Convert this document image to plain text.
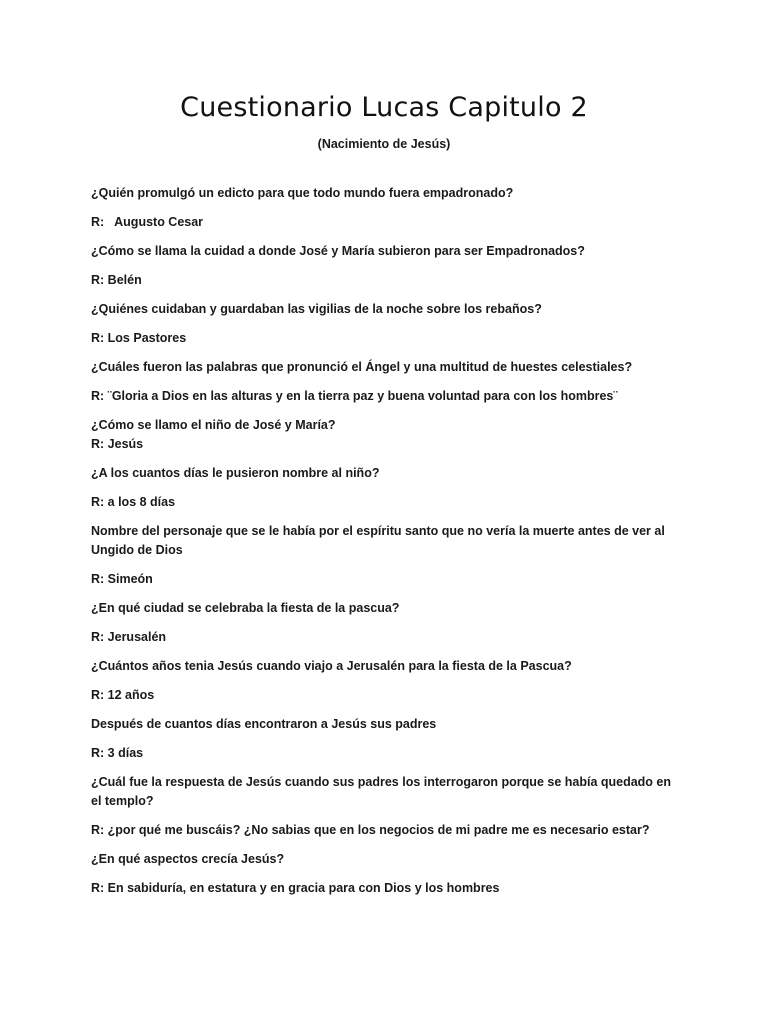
Cuestionario Lucas Capitulo 2
(Nacimiento de Jesús)
¿Quién promulgó un edicto para que todo mundo fuera empadronado?
R:   Augusto Cesar
¿Cómo se llama la cuidad a donde José y María subieron para ser Empadronados?
R: Belén
¿Quiénes cuidaban y guardaban las vigilias de la noche sobre los rebaños?
R: Los Pastores
¿Cuáles fueron las palabras que pronunció el Ángel y una multitud de huestes celestiales?
R: ¨Gloria a Dios en las alturas y en la tierra paz y buena voluntad para con los hombres¨
¿Cómo se llamo el niño de José y María?
R: Jesús
¿A los cuantos días le pusieron nombre al niño?
R: a los 8 días
Nombre del personaje que se le había por el espíritu santo que no vería la muerte antes de ver al Ungido de Dios
R: Simeón
¿En qué ciudad se celebraba la fiesta de la pascua?
R: Jerusalén
¿Cuántos años tenia Jesús cuando viajo a Jerusalén para la fiesta de la Pascua?
R: 12 años
Después de cuantos días encontraron a Jesús sus padres
R: 3 días
¿Cuál fue la respuesta de Jesús cuando sus padres los interrogaron porque se había quedado en el templo?
R: ¿por qué me buscáis? ¿No sabias que en los negocios de mi padre me es necesario estar?
¿En qué aspectos crecía Jesús?
R: En sabiduría, en estatura y en gracia para con Dios y los hombres
